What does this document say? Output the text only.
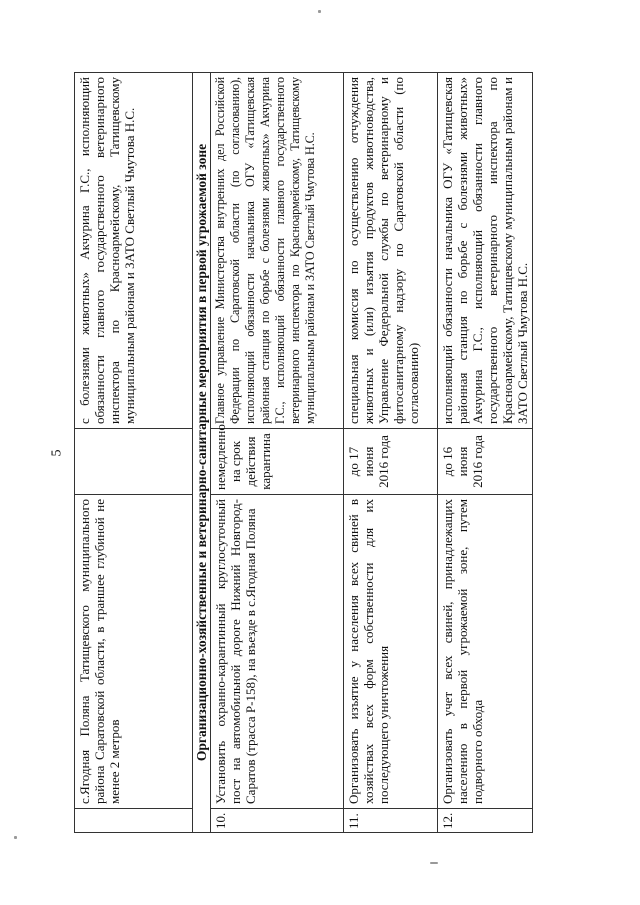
5
	с.Ягодная Поляна Татищевского муниципального района Саратовской области, в траншее глубиной не менее 2 метров		с болезнями животных» Акчурина Г.С., исполняющий обязанности главного государственного ветеринарного инспектора по Красноармейскому, Татищевскому муниципальным районам и ЗАТО Светлый Чмутова Н.С.
Организационно-хозяйственные и ветеринарно-санитарные мероприятия в первой угрожаемой зоне			
10.	Установить охранно-карантинный круглосуточный пост на автомобильной дороге Нижний Новгород-Саратов (трасса Р-158), на въезде в с.Ягодная Поляна	немедленно на срок действия карантина	Главное управление Министерства внутренних дел Российской Федерации по Саратовской области (по согласованию), исполняющий обязанности начальника ОГУ «Татищевская районная станция по борьбе с болезнями животных» Акчурина Г.С., исполняющий обязанности главного государственного ветеринарного инспектора по Красноармейскому, Татищевскому муниципальным районам и ЗАТО Светлый Чмутова Н.С.
11.	Организовать изъятие у населения всех свиней в хозяйствах всех форм собственности для их последующего уничтожения	до 17 июня 2016 года	специальная комиссия по осуществлению отчуждения животных и (или) изъятия продуктов животноводства, Управление Федеральной службы по ветеринарному и фитосанитарному надзору по Саратовской области (по согласованию)
12.	Организовать учет всех свиней, принадлежащих населению в первой угрожаемой зоне, путем подворного обхода	до 16 июня 2016 года	исполняющий обязанности начальника ОГУ «Татищевская районная станция по борьбе с болезнями животных» Акчурина Г.С., исполняющий обязанности главного государственного ветеринарного инспектора по Красноармейскому, Татищевскому муниципальным районам и ЗАТО Светлый Чмутова Н.С.
